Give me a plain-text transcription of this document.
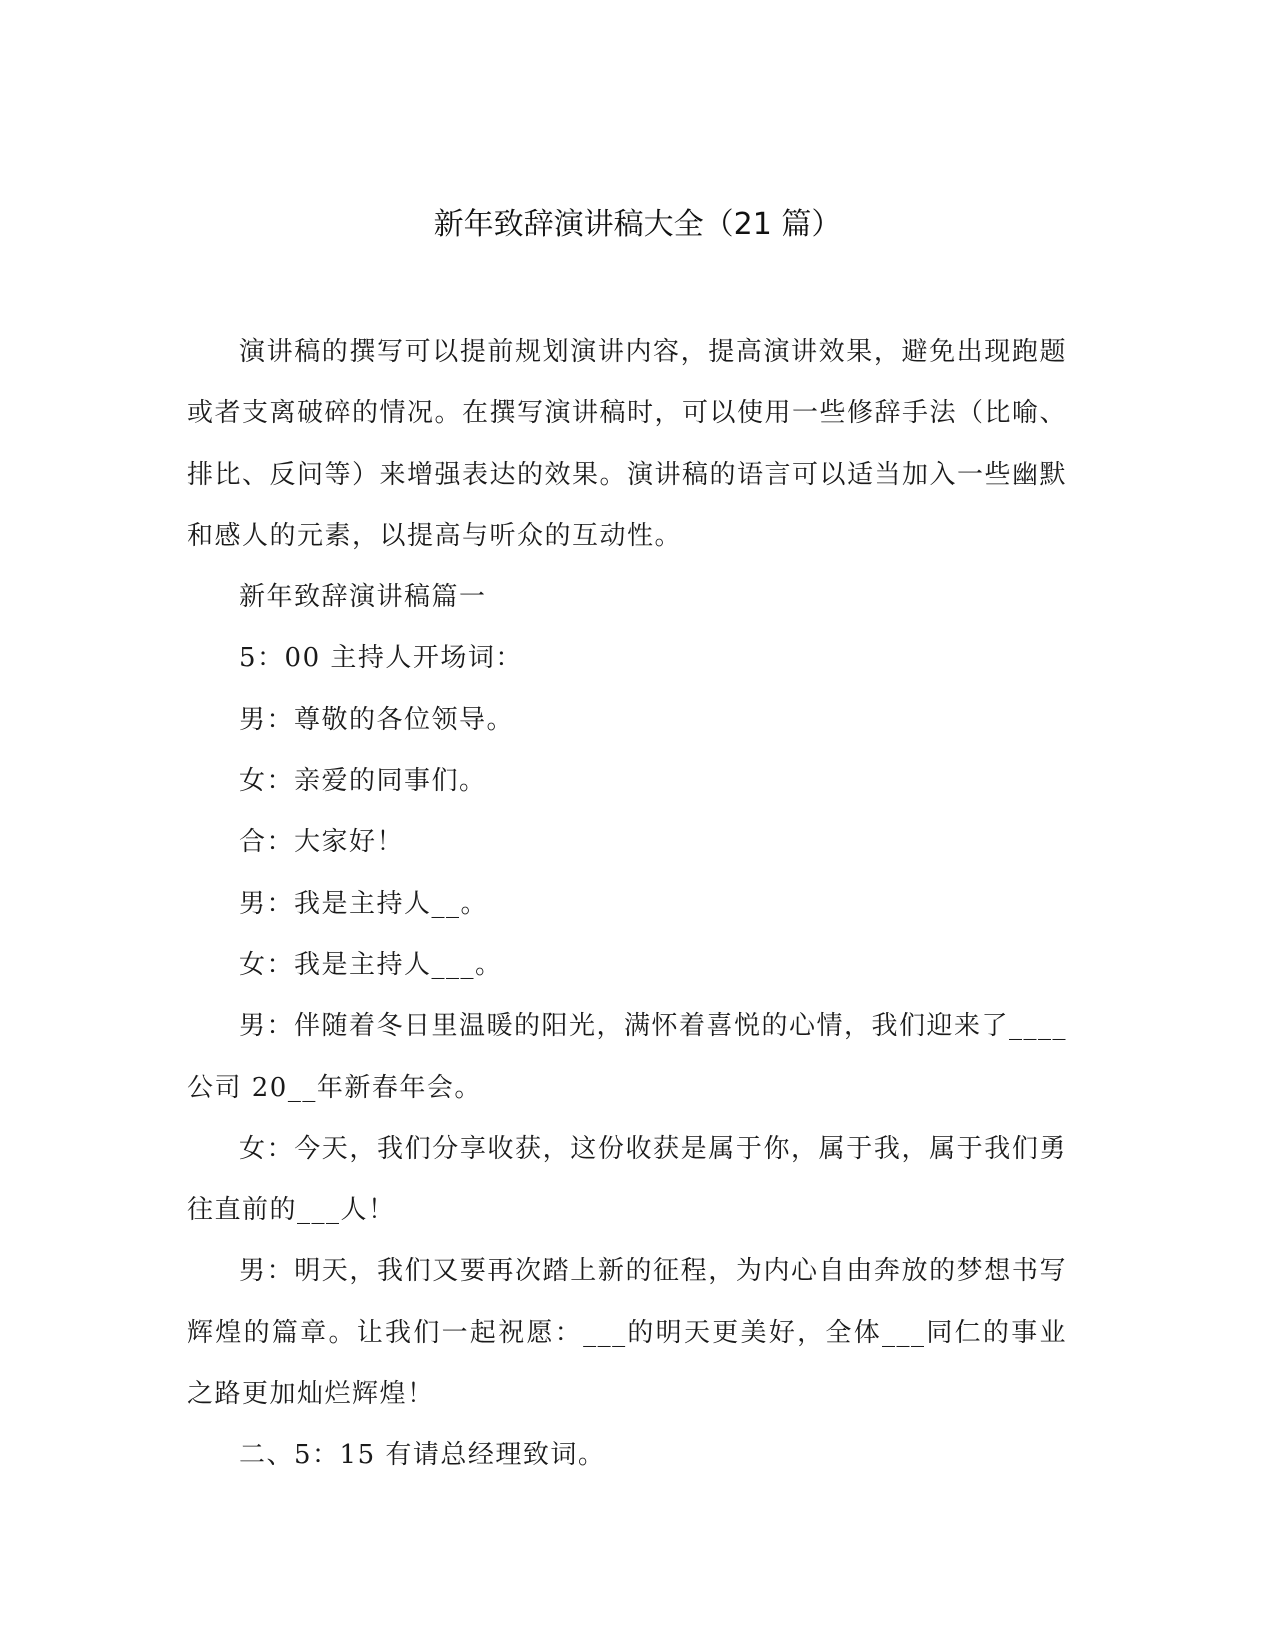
新年致辞演讲稿大全（21 篇）

演讲稿的撰写可以提前规划演讲内容，提高演讲效果，避免出现跑题或者支离破碎的情况。在撰写演讲稿时，可以使用一些修辞手法（比喻、排比、反问等）来增强表达的效果。演讲稿的语言可以适当加入一些幽默和感人的元素，以提高与听众的互动性。

新年致辞演讲稿篇一

5：00 主持人开场词：

男：尊敬的各位领导。

女：亲爱的同事们。

合：大家好！

男：我是主持人__。

女：我是主持人___。

男：伴随着冬日里温暖的阳光，满怀着喜悦的心情，我们迎来了____公司 20__年新春年会。

女：今天，我们分享收获，这份收获是属于你，属于我，属于我们勇往直前的___人！

男：明天，我们又要再次踏上新的征程，为内心自由奔放的梦想书写辉煌的篇章。让我们一起祝愿：___的明天更美好，全体___同仁的事业之路更加灿烂辉煌！

二、5：15 有请总经理致词。
